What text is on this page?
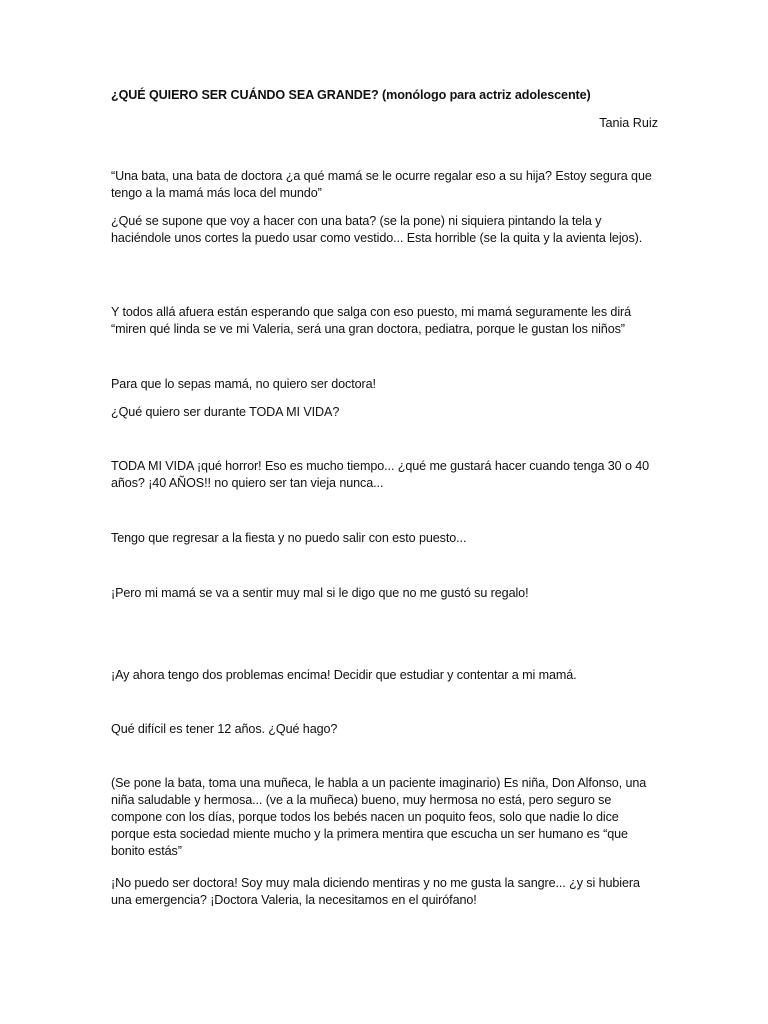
¿QUÉ QUIERO SER CUÁNDO SEA GRANDE? (monólogo para actriz adolescente)

Tania Ruiz

“Una bata, una bata de doctora ¿a qué mamá se le ocurre regalar eso a su hija? Estoy segura que tengo a la mamá más loca del mundo”

¿Qué se supone que voy a hacer con una bata? (se la pone) ni siquiera pintando la tela y haciéndole unos cortes la puedo usar como vestido... Esta horrible (se la quita y la avienta lejos).

Y todos allá afuera están esperando que salga con eso puesto, mi mamá seguramente les dirá “miren qué linda se ve mi Valeria, será una gran doctora, pediatra, porque le gustan los niños”

Para que lo sepas mamá, no quiero ser doctora!

¿Qué quiero ser durante TODA MI VIDA?

TODA MI VIDA ¡qué horror! Eso es mucho tiempo... ¿qué me gustará hacer cuando tenga 30 o 40 años? ¡40 AÑOS!! no quiero ser tan vieja nunca...

Tengo que regresar a la fiesta y no puedo salir con esto puesto...

¡Pero mi mamá se va a sentir muy mal si le digo que no me gustó su regalo!

¡Ay ahora tengo dos problemas encima! Decidir que estudiar y contentar a mi mamá.

Qué difícil es tener 12 años. ¿Qué hago?

(Se pone la bata, toma una muñeca, le habla a un paciente imaginario) Es niña, Don Alfonso, una niña saludable y hermosa... (ve a la muñeca) bueno, muy hermosa no está, pero seguro se compone con los días, porque todos los bebés nacen un poquito feos, solo que nadie lo dice porque esta sociedad miente mucho y la primera mentira que escucha un ser humano es “que bonito estás”

¡No puedo ser doctora! Soy muy mala diciendo mentiras y no me gusta la sangre... ¿y si hubiera una emergencia? ¡Doctora Valeria, la necesitamos en el quirófano!
